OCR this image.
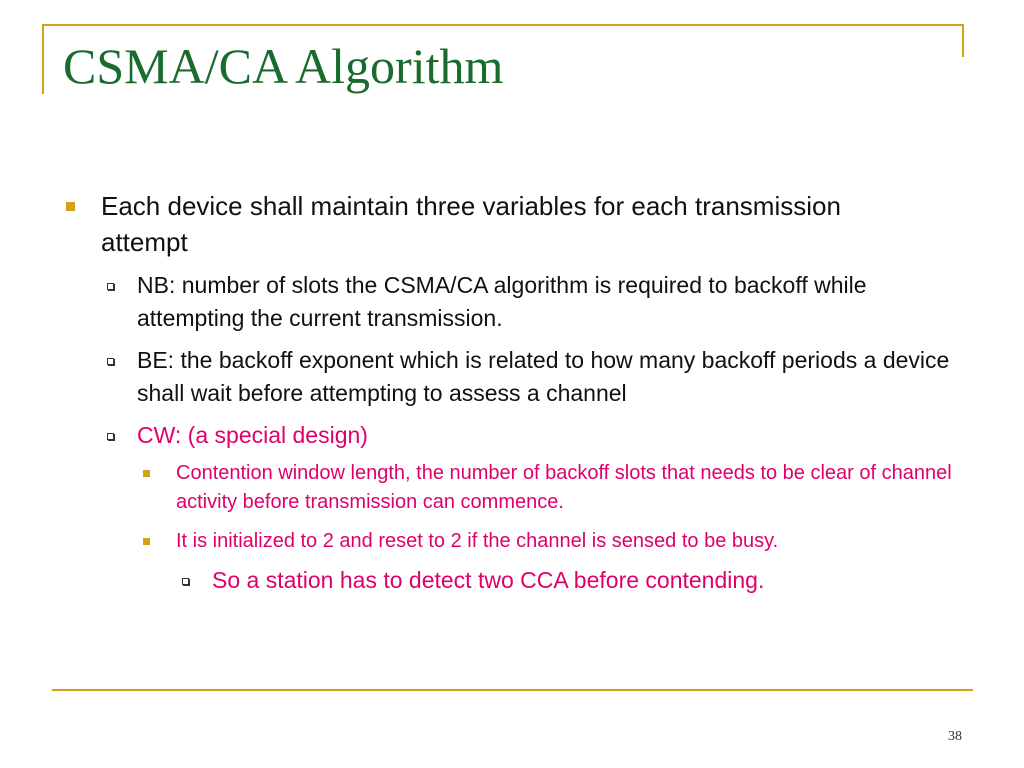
CSMA/CA Algorithm
Each device shall maintain three variables for each transmission attempt
NB: number of slots the CSMA/CA algorithm is required to backoff while attempting the current transmission.
BE: the backoff exponent which is related to how many backoff periods a device shall wait before attempting to assess a channel
CW: (a special design)
Contention window length, the number of backoff slots that needs to be clear of channel activity before transmission can commence.
It is initialized to 2 and reset to 2 if the channel is sensed to be busy.
So a station has to detect two CCA before contending.
38
